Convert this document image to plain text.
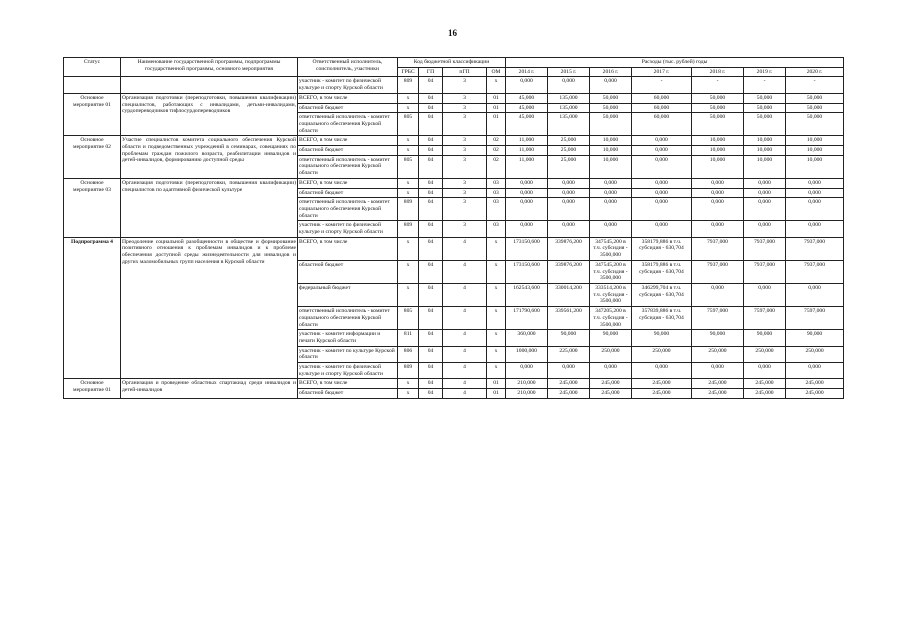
16
Статус	Наименование государственной программы, подпрограммы государственной программы, основного мероприятия	Ответственный исполнитель, соисполнитель, участники	Код бюджетной классификации				Расходы (тыс. рублей) годы						
			ГРБС	ГП	пГП	ОМ	2014 г.	2015 г.	2016 г.	2017 г.	2018 г.	2019 г.	2020 г.
		участник - комитет по физической культуре и спорту Курской области	809	04	3	х	0,000	0,000	0,000	-	-	-	-
Основное мероприятие 01	Организация подготовки (переподготовки, повышения квалификации) специалистов, работающих с инвалидами, детьми-инвалидами, сурдопереводчиков тифлосурдопереводчиков	ВСЕГО, в том числе	х	04	3	01	45,000	135,000	50,000	60,000	50,000	50,000	50,000
		областной бюджет	х	04	3	01	45,000	135,000	50,000	60,000	50,000	50,000	50,000
		ответственный исполнитель - комитет социального обеспечения Курской области	805	04	3	01	45,000	135,000	50,000	60,000	50,000	50,000	50,000
Основное мероприятие 02	Участие специалистов комитета социального обеспечения Курской области и подведомственных учреждений в семинарах, совещаниях по проблемам граждан пожилого возраста, реабилитации инвалидов и детей-инвалидов, формированию доступной среды	ВСЕГО, в том числе	х	04	3	02	11,000	25,000	10,000	0,000	10,000	10,000	10,000
		областной бюджет	х	04	3	02	11,000	25,000	10,000	0,000	10,000	10,000	10,000
		ответственный исполнитель - комитет социального обеспечения Курской области	805	04	3	02	11,000	25,000	10,000	0,000	10,000	10,000	10,000
Основное мероприятие 03	Организация подготовки (переподготовки, повышения квалификации) специалистов по адаптивной физической культуре	ВСЕГО, в том числе	х	04	3	03	0,000	0,000	0,000	0,000	0,000	0,000	0,000
		областной бюджет	х	04	3	03	0,000	0,000	0,000	0,000	0,000	0,000	0,000
		ответственный исполнитель - комитет социального обеспечения Курской области	809	04	3	03	0,000	0,000	0,000	0,000	0,000	0,000	0,000
		участник - комитет по физической культуре и спорту Курской области	809	04	3	03	0,000	0,000	0,000	0,000	0,000	0,000	0,000
Подпрограмма 4	Преодоление социальной разобщенности в обществе и формирование позитивного отношения к проблемам инвалидов и к проблеме обеспечения доступной среды жизнедеятельности для инвалидов и других маломобильных групп населения в Курской области	ВСЕГО, в том числе	х	04	4	х	173150,600	339876,200	347545,200 в т.ч. субсидия - 3500,000	358179,886 в т.ч. субсидия - 630,704	7937,000	7937,000	7937,000
		областной бюджет	х	04	4	х	173150,600	339876,200	347545,200 в т.ч. субсидия - 3500,000	358179,886 в т.ч. субсидия - 630,704	7937,000	7937,000	7937,000
		федеральный бюджет	х	04	4	х	162543,600	330014,200	333514,200 в т.ч. субсидия - 3500,000	346299,704 в т.ч. субсидия - 630,704	0,000	0,000	0,000
		ответственный исполнитель - комитет социального обеспечения Курской области	805	04	4	х	171790,600	339561,200	347205,200 в т.ч. субсидия - 3500,000	357839,886 в т.ч. субсидия - 630,704	7597,000	7597,000	7597,000
		участник - комитет информации и печати Курской области	811	04	4	х	360,000	90,000	90,000	90,000	90,000	90,000	90,000
		участник - комитет по культуре Курской области	806	04	4	х	1000,000	225,000	250,000	250,000	250,000	250,000	250,000
		участник - комитет по физической культуре и спорту Курской области	809	04	4	х	0,000	0,000	0,000	0,000	0,000	0,000	0,000
Основное мероприятие 01	Организация и проведение областных спартакиад среди инвалидов и детей-инвалидов	ВСЕГО, в том числе	х	04	4	01	210,000	245,000	245,000	245,000	245,000	245,000	245,000
		областной бюджет	х	04	4	01	210,000	245,000	245,000	245,000	245,000	245,000	245,000
